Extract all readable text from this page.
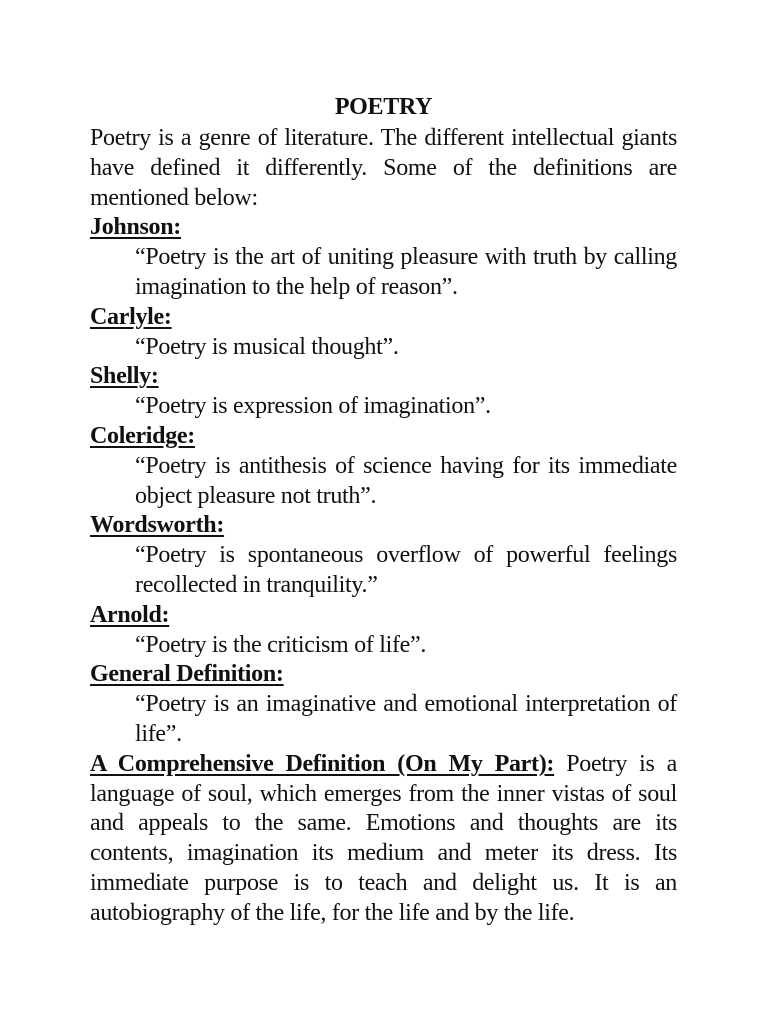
POETRY

Poetry is a genre of literature. The different intellectual giants have defined it differently. Some of the definitions are mentioned below:

Johnson:

“Poetry is the art of uniting pleasure with truth by calling imagination to the help of reason”.

Carlyle:

“Poetry is musical thought”.

Shelly:

“Poetry is expression of imagination”.

Coleridge:

“Poetry is antithesis of science having for its immediate object pleasure not truth”.

Wordsworth:

“Poetry is spontaneous overflow of powerful feelings recollected in tranquility.”

Arnold:

“Poetry is the criticism of life”.

General Definition:

“Poetry is an imaginative and emotional interpretation of life”.

A Comprehensive Definition (On My Part): Poetry is a language of soul, which emerges from the inner vistas of soul and appeals to the same. Emotions and thoughts are its contents, imagination its medium and meter its dress. Its immediate purpose is to teach and delight us. It is an autobiography of the life, for the life and by the life.
